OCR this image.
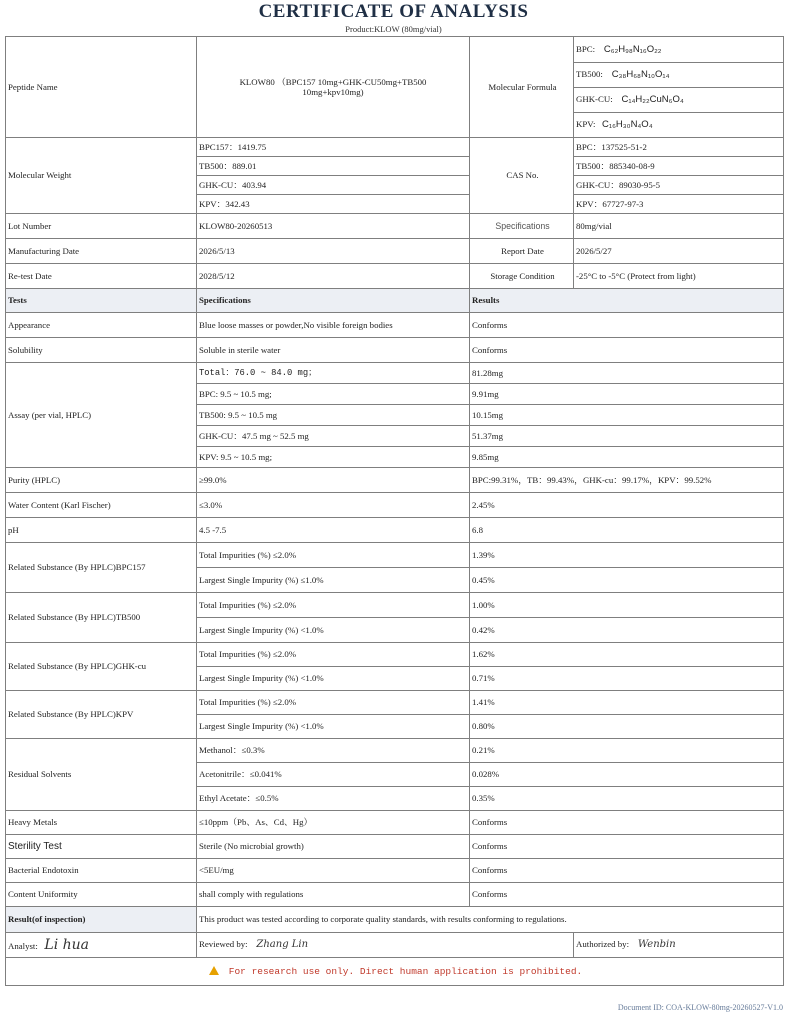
CERTIFICATE OF ANALYSIS
Product:KLOW (80mg/vial)
Peptide Name	KLOW80 （BPC157 10mg+GHK-CU50mg+TB500 10mg+kpv10mg)	Molecular Formula	BPC: C₆₂H₉₈N₁₆O₂₂
			TB500: C₃₈H₆₈N₁₀O₁₄
			GHK-CU: C₁₄H₂₂CuN₆O₄
			KPV: C₁₆H₃₀N₄O₄
Molecular Weight	BPC157：1419.75	CAS No.	BPC：137525-51-2
	TB500：889.01		TB500：885340-08-9
	GHK-CU：403.94		GHK-CU：89030-95-5
	KPV：342.43		KPV：67727-97-3
Lot Number	KLOW80-20260513	Specifications	80mg/vial
Manufacturing Date	2026/5/13	Report Date	2026/5/27
Re-test Date	2028/5/12	Storage Condition	-25°C to -5°C (Protect from light)
Tests	Specifications	Results	
Appearance	Blue loose masses or powder,No visible foreign bodies	Conforms	
Solubility	Soluble in sterile water	Conforms	
Assay (per vial, HPLC)	Total：76.0 ~ 84.0 mg；	81.28mg	
	BPC: 9.5 ~ 10.5 mg;	9.91mg	
	TB500: 9.5 ~ 10.5 mg	10.15mg	
	GHK-CU：47.5 mg ~ 52.5 mg	51.37mg	
	KPV: 9.5 ~ 10.5 mg;	9.85mg	
Purity (HPLC)	≥99.0%	BPC:99.31%，TB：99.43%，GHK-cu：99.17%，KPV：99.52%	
Water Content (Karl Fischer)	≤3.0%	2.45%	
pH	4.5 -7.5	6.8	
Related Substance (By HPLC)BPC157	Total Impurities (%) ≤2.0%	1.39%	
	Largest Single Impurity (%) ≤1.0%	0.45%	
Related Substance (By HPLC)TB500	Total Impurities (%) ≤2.0%	1.00%	
	Largest Single Impurity (%) <1.0%	0.42%	
Related Substance (By HPLC)GHK-cu	Total Impurities (%) ≤2.0%	1.62%	
	Largest Single Impurity (%) <1.0%	0.71%	
Related Substance (By HPLC)KPV	Total Impurities (%) ≤2.0%	1.41%	
	Largest Single Impurity (%) <1.0%	0.80%	
Residual Solvents	Methanol：≤0.3%	0.21%	
	Acetonitrile：≤0.041%	0.028%	
	Ethyl Acetate：≤0.5%	0.35%	
Heavy Metals	≤10ppm（Pb、As、Cd、Hg）	Conforms	
Sterility Test	Sterile (No microbial growth)	Conforms	
Bacterial Endotoxin	<5EU/mg	Conforms	
Content Uniformity	shall comply with regulations	Conforms	
Result(of inspection)	This product was tested according to corporate quality standards, with results conforming to regulations.		
Analyst: Li hua	Reviewed by: Zhang Lin		Authorized by: Wenbin
For research use only. Direct human application is prohibited.			
Document ID: COA-KLOW-80mg-20260527-V1.0
